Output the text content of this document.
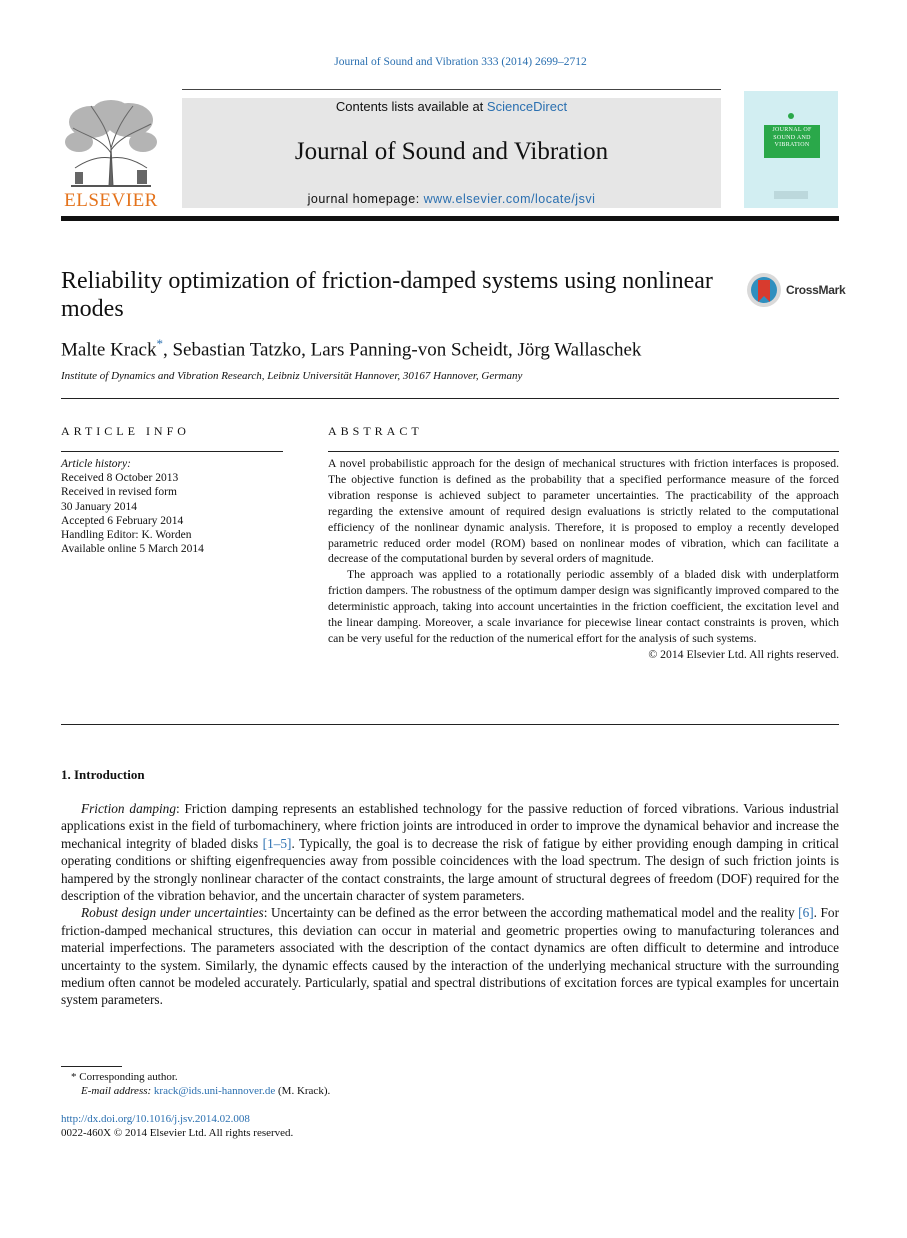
Journal of Sound and Vibration 333 (2014) 2699–2712
ELSEVIER
Contents lists available at ScienceDirect
Journal of Sound and Vibration
journal homepage: www.elsevier.com/locate/jsvi
JOURNAL OF SOUND AND VIBRATION
Reliability optimization of friction-damped systems using nonlinear modes
CrossMark
Malte Krack*, Sebastian Tatzko, Lars Panning-von Scheidt, Jörg Wallaschek
Institute of Dynamics and Vibration Research, Leibniz Universität Hannover, 30167 Hannover, Germany
ARTICLE INFO
Article history:
Received 8 October 2013
Received in revised form
30 January 2014
Accepted 6 February 2014
Handling Editor: K. Worden
Available online 5 March 2014
ABSTRACT

A novel probabilistic approach for the design of mechanical structures with friction interfaces is proposed. The objective function is defined as the probability that a specified performance measure of the forced vibration response is achieved subject to parameter uncertainties. The practicability of the approach regarding the extensive amount of required design evaluations is strictly related to the computational efficiency of the nonlinear dynamic analysis. Therefore, it is proposed to employ a recently developed parametric reduced order model (ROM) based on nonlinear modes of vibration, which can facilitate a decrease of the computational burden by several orders of magnitude.

The approach was applied to a rotationally periodic assembly of a bladed disk with underplatform friction dampers. The robustness of the optimum damper design was significantly improved compared to the deterministic approach, taking into account uncertainties in the friction coefficient, the excitation level and the linear damping. Moreover, a scale invariance for piecewise linear contact constraints is proven, which can be very useful for the reduction of the numerical effort for the analysis of such systems.

© 2014 Elsevier Ltd. All rights reserved.
1. Introduction

Friction damping: Friction damping represents an established technology for the passive reduction of forced vibrations. Various industrial applications exist in the field of turbomachinery, where friction joints are introduced in order to improve the dynamical behavior and increase the mechanical integrity of bladed disks [1–5]. Typically, the goal is to decrease the risk of fatigue by either providing enough damping in critical operating conditions or shifting eigenfrequencies away from possible coincidences with the load spectrum. The design of such friction joints is hampered by the strongly nonlinear character of the contact constraints, the large amount of structural degrees of freedom (DOF) required for the description of the vibration behavior, and the uncertain character of system parameters.

Robust design under uncertainties: Uncertainty can be defined as the error between the according mathematical model and the reality [6]. For friction-damped mechanical structures, this deviation can occur in material and geometric properties owing to manufacturing tolerances and material imperfections. The parameters associated with the description of the contact dynamics are often difficult to determine and introduce uncertainty to the system. Similarly, the dynamic effects caused by the interaction of the underlying mechanical structure with the surrounding medium often cannot be modeled accurately. Particularly, spatial and spectral distributions of excitation forces are typical examples for uncertain system parameters.

* Corresponding author.
E-mail address: krack@ids.uni-hannover.de (M. Krack).
http://dx.doi.org/10.1016/j.jsv.2014.02.008
0022-460X © 2014 Elsevier Ltd. All rights reserved.
